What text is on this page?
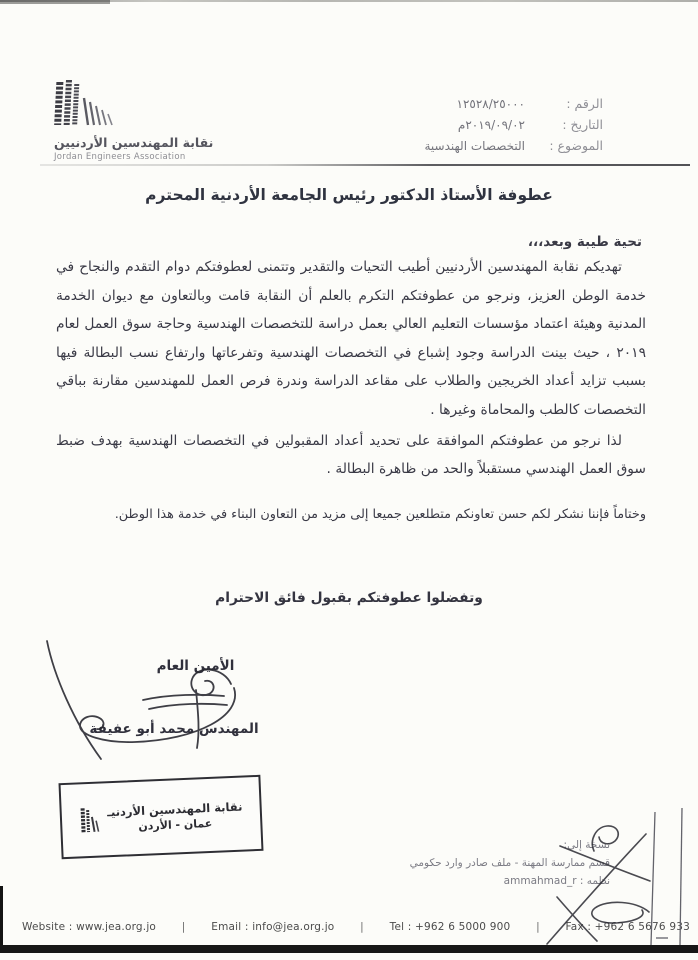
نقابة المهندسين الأردنيين
Jordan Engineers Association
الرقم :
١٢٥٢٨/٢٥٠٠٠
التاريخ :
٢٠١٩/٠٩/٠٢م
الموضوع :
التخصصات الهندسية
عطوفة الأستاذ الدكتور رئيس الجامعة الأردنية المحترم
تحية طيبة وبعد،،،

تهديكم نقابة المهندسين الأردنيين أطيب التحيات والتقدير وتتمنى لعطوفتكم دوام التقدم والنجاح في خدمة الوطن العزيز، ونرجو من عطوفتكم التكرم بالعلم أن النقابة قامت وبالتعاون مع ديوان الخدمة المدنية وهيئة اعتماد مؤسسات التعليم العالي بعمل دراسة للتخصصات الهندسية وحاجة سوق العمل لعام ٢٠١٩ ، حيث بينت الدراسة وجود إشباع في التخصصات الهندسية وتفرعاتها وارتفاع نسب البطالة فيها بسبب تزايد أعداد الخريجين والطلاب على مقاعد الدراسة وندرة فرص العمل للمهندسين مقارنة بباقي التخصصات كالطب والمحاماة وغيرها .

لذا نرجو من عطوفتكم الموافقة على تحديد أعداد المقبولين في التخصصات الهندسية بهدف ضبط سوق العمل الهندسي مستقبلاً والحد من ظاهرة البطالة .

وختاماً فإننا نشكر لكم حسن تعاونكم متطلعين جميعا إلى مزيد من التعاون البناء في خدمة هذا الوطن.

وتفضلوا عطوفتكم بقبول فائق الاحترام
الأمين العام
المهندس محمد أبو عفيفة
نقابة المهندسين الأردنيـ
عمان - الأردن
نسخة إلى:
قسم ممارسة المهنة - ملف صادر وارد حكومي
نظمه : ammahmad_r
Website : www.jea.org.jo | Email : info@jea.org.jo | Tel : +962 6 5000 900 | Fax : +962 6 5676 933
